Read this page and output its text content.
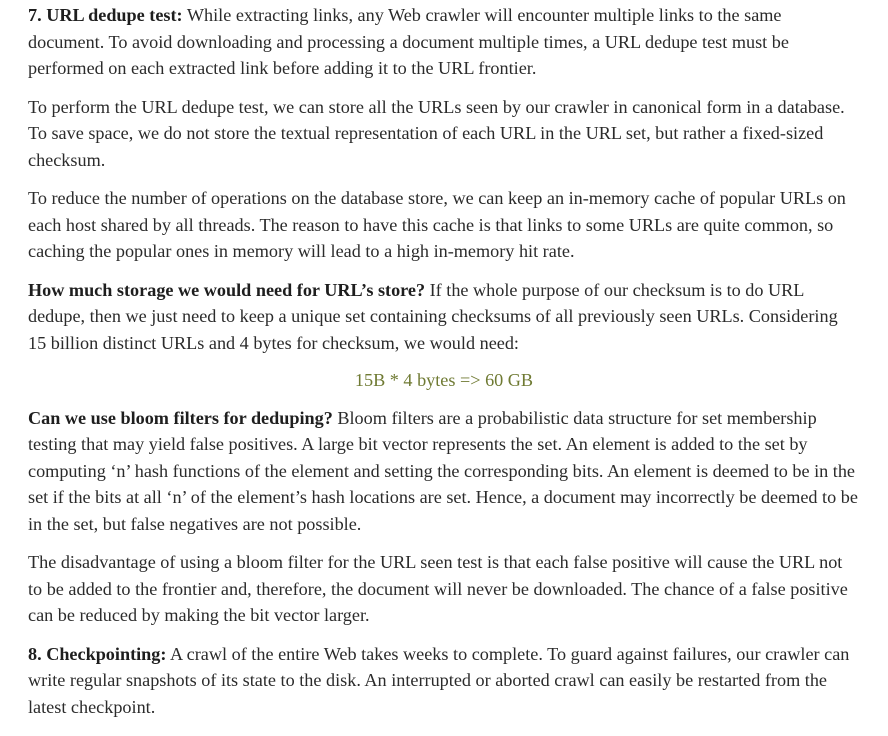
7. URL dedupe test: While extracting links, any Web crawler will encounter multiple links to the same document. To avoid downloading and processing a document multiple times, a URL dedupe test must be performed on each extracted link before adding it to the URL frontier.

To perform the URL dedupe test, we can store all the URLs seen by our crawler in canonical form in a database. To save space, we do not store the textual representation of each URL in the URL set, but rather a fixed-sized checksum.

To reduce the number of operations on the database store, we can keep an in-memory cache of popular URLs on each host shared by all threads. The reason to have this cache is that links to some URLs are quite common, so caching the popular ones in memory will lead to a high in-memory hit rate.

How much storage we would need for URL’s store? If the whole purpose of our checksum is to do URL dedupe, then we just need to keep a unique set containing checksums of all previously seen URLs. Considering 15 billion distinct URLs and 4 bytes for checksum, we would need:

15B * 4 bytes => 60 GB

Can we use bloom filters for deduping? Bloom filters are a probabilistic data structure for set membership testing that may yield false positives. A large bit vector represents the set. An element is added to the set by computing ‘n’ hash functions of the element and setting the corresponding bits. An element is deemed to be in the set if the bits at all ‘n’ of the element’s hash locations are set. Hence, a document may incorrectly be deemed to be in the set, but false negatives are not possible.

The disadvantage of using a bloom filter for the URL seen test is that each false positive will cause the URL not to be added to the frontier and, therefore, the document will never be downloaded. The chance of a false positive can be reduced by making the bit vector larger.

8. Checkpointing: A crawl of the entire Web takes weeks to complete. To guard against failures, our crawler can write regular snapshots of its state to the disk. An interrupted or aborted crawl can easily be restarted from the latest checkpoint.
